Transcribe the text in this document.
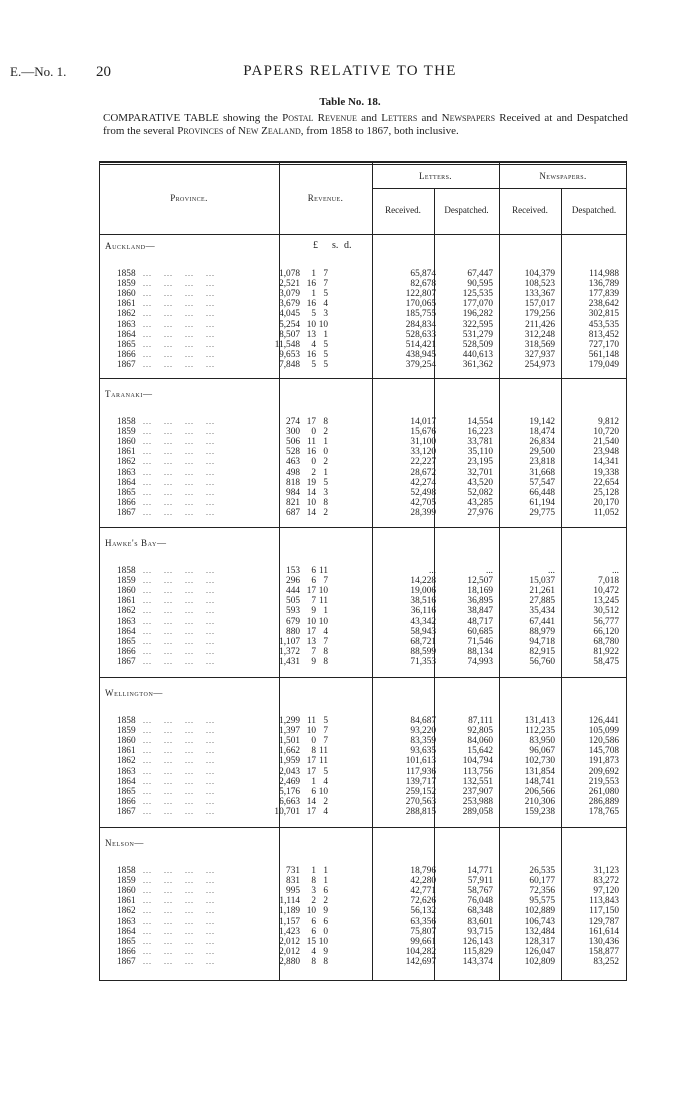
E.—No. 1. 20	PAPERS RELATIVE TO THE
Table No. 18.
COMPARATIVE TABLE showing the Postal Revenue and Letters and Newspapers Received at and Despatched from the several Provinces of New Zealand, from 1858 to 1867, both inclusive.
Province.	Revenue.
Letters.	Newspapers.
Received.	Despatched.	Received.	Despatched.
Auckland—	£ s. d.
1858	1,078	1 7	65,874	67,447	104,379	114,988
...    ...    ...    ...
1859	2,521 16 7	82,678	90,595	108,523	136,789
...    ...    ...    ...
1860	3,079	1 5	122,807	125,535	133,367	177,839
...    ...    ...    ...
1861	3,679 16 4	170,065	177,070	157,017	238,642
...    ...    ...    ...
1862	4,045	5 3	185,755	196,282	179,256	302,815
...    ...    ...    ...
1863	5,254 10 10	284,834	322,595	211,426	453,535
...    ...    ...    ...
1864	8,507 13 1	528,633	531,279	312,248	813,452
...    ...    ...    ...
1865	11,548	4 5	514,421	528,509	318,569	727,170
...    ...    ...    ...
1866	9,653 16 5	438,945	440,613	327,937	561,148
...    ...    ...    ...
1867	7,848	5 5	379,254	361,362	254,973	179,049
...    ...    ...    ...
Taranaki—
1858	274 17 8	14,017	14,554	19,142	9,812
...    ...    ...    ...
1859	300	0 2	15,676	16,223	18,474	10,720
...    ...    ...    ...
1860	506 11 1	31,100	33,781	26,834	21,540
...    ...    ...    ...
1861	528 16 0	33,120	35,110	29,500	23,948
...    ...    ...    ...
1862	463	0 2	22,227	23,195	23,818	14,341
...    ...    ...    ...
1863	498	2 1	28,672	32,701	31,668	19,338
...    ...    ...    ...
1864	818 19 5	42,274	43,520	57,547	22,654
...    ...    ...    ...
1865	984 14 3	52,498	52,082	66,448	25,128
...    ...    ...    ...
1866	821 10 8	42,705	43,285	61,194	20,170
...    ...    ...    ...
1867	687 14 2	28,399	27,976	29,775	11,052
...    ...    ...    ...
Hawke's Bay—
1858	153	6 11	...	...	...	...
...    ...    ...    ...
1859	296	6 7	14,228	12,507	15,037	7,018
...    ...    ...    ...
1860	444 17 10	19,006	18,169	21,261	10,472
...    ...    ...    ...
1861	505	7 11	38,516	36,895	27,885	13,245
...    ...    ...    ...
1862	593	9 1	36,116	38,847	35,434	30,512
...    ...    ...    ...
1863	679 10 10	43,342	48,717	67,441	56,777
...    ...    ...    ...
1864	880 17 4	58,943	60,685	88,979	66,120
...    ...    ...    ...
1865	1,107 13 7	68,721	71,546	94,718	68,780
...    ...    ...    ...
1866	1,372	7 8	88,599	88,134	82,915	81,922
...    ...    ...    ...
1867	1,431	9 8	71,353	74,993	56,760	58,475
...    ...    ...    ...
Wellington—
1858	1,299 11 5	84,687	87,111	131,413	126,441
...    ...    ...    ...
1859	1,397 10 7	93,220	92,805	112,235	105,099
...    ...    ...    ...
1860	1,501	0 7	83,359	84,060	83,950	120,586
...    ...    ...    ...
1861	1,662	8 11	93,635	15,642	96,067	145,708
...    ...    ...    ...
1862	1,959 17 11	101,613	104,794	102,730	191,873
...    ...    ...    ...
1863	2,043 17 5	117,936	113,756	131,854	209,692
...    ...    ...    ...
1864	2,469	1 4	139,717	132,551	148,741	219,553
...    ...    ...    ...
1865	5,176	6 10	259,152	237,907	206,566	261,080
...    ...    ...    ...
1866	6,663 14 2	270,563	253,988	210,306	286,889
...    ...    ...    ...
1867	10,701 17 4	288,815	289,058	159,238	178,765
...    ...    ...    ...
Nelson—
1858	731	1 1	18,796	14,771	26,535	31,123
...    ...    ...    ...
1859	831	8 1	42,280	57,911	60,177	83,272
...    ...    ...    ...
1860	995	3 6	42,771	58,767	72,356	97,120
...    ...    ...    ...
1861	1,114	2 2	72,626	76,048	95,575	113,843
...    ...    ...    ...
1862	1,189 10 9	56,132	68,348	102,889	117,150
...    ...    ...    ...
1863	1,157	6 6	63,356	83,601	106,743	129,787
...    ...    ...    ...
1864	1,423	6 0	75,807	93,715	132,484	161,614
...    ...    ...    ...
1865	2,012 15 10	99,661	126,143	128,317	130,436
...    ...    ...    ...
1866	2,012	4 9	104,282	115,829	126,047	158,877
...    ...    ...    ...
1867	2,880	8 8	142,697	143,374	102,809	83,252
...    ...    ...    ...
